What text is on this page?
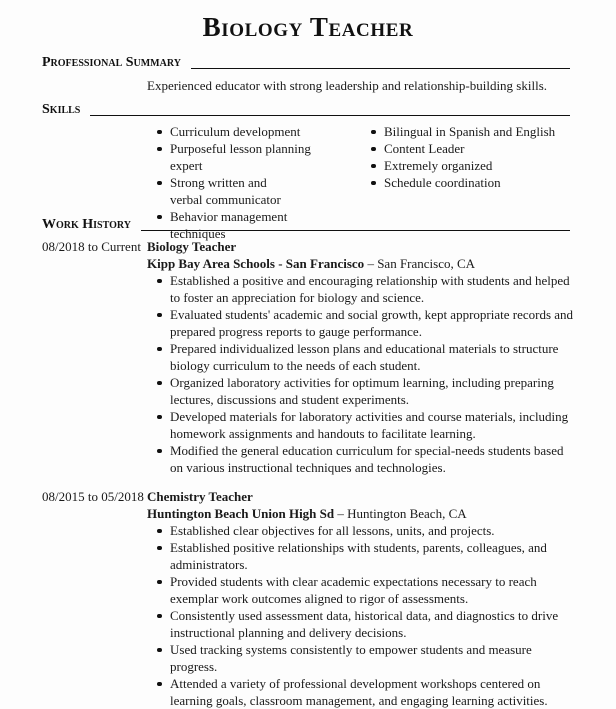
Biology Teacher
Professional Summary
Experienced educator with strong leadership and relationship-building skills.
Skills
Curriculum development
Purposeful lesson planning expert
Strong written and verbal communicator
Behavior management techniques
Bilingual in Spanish and English
Content Leader
Extremely organized
Schedule coordination
Work History
08/2018 to Current Biology Teacher
Kipp Bay Area Schools - San Francisco – San Francisco, CA
Established a positive and encouraging relationship with students and helped to foster an appreciation for biology and science.
Evaluated students' academic and social growth, kept appropriate records and prepared progress reports to gauge performance.
Prepared individualized lesson plans and educational materials to structure biology curriculum to the needs of each student.
Organized laboratory activities for optimum learning, including preparing lectures, discussions and student experiments.
Developed materials for laboratory activities and course materials, including homework assignments and handouts to facilitate learning.
Modified the general education curriculum for special-needs students based on various instructional techniques and technologies.
08/2015 to 05/2018 Chemistry Teacher
Huntington Beach Union High Sd – Huntington Beach, CA
Established clear objectives for all lessons, units, and projects.
Established positive relationships with students, parents, colleagues, and administrators.
Provided students with clear academic expectations necessary to reach exemplar work outcomes aligned to rigor of assessments.
Consistently used assessment data, historical data, and diagnostics to drive instructional planning and delivery decisions.
Used tracking systems consistently to empower students and measure progress.
Attended a variety of professional development workshops centered on learning goals, classroom management, and engaging learning activities.
